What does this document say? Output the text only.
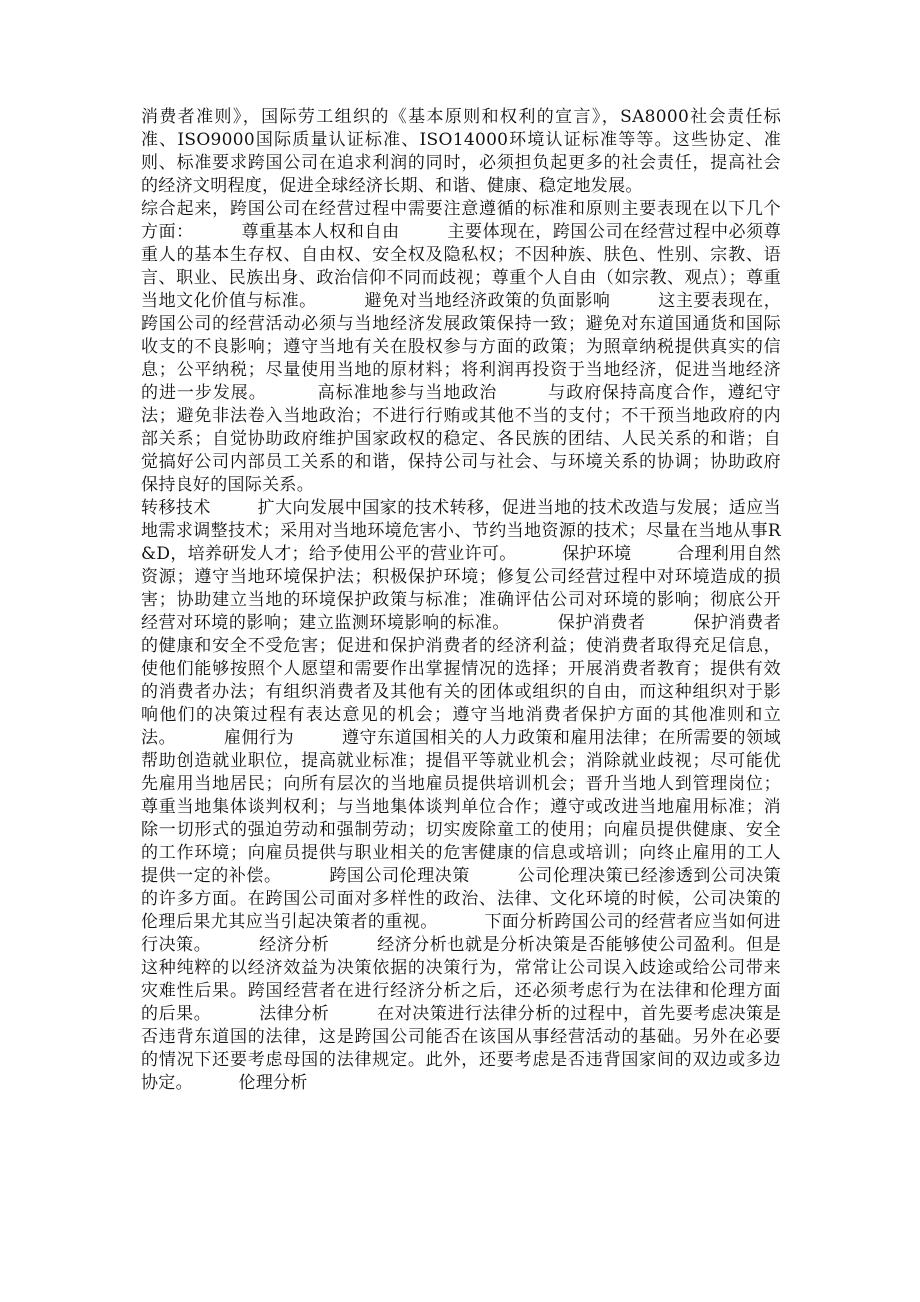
消费者准则》，国际劳工组织的《基本原则和权利的宣言》，SA8000社会责任标准、ISO9000国际质量认证标准、ISO14000环境认证标准等等。这些协定、准则、标准要求跨国公司在追求利润的同时，必须担负起更多的社会责任，提高社会的经济文明程度，促进全球经济长期、和谐、健康、稳定地发展。

综合起来，跨国公司在经营过程中需要注意遵循的标准和原则主要表现在以下几个方面：        尊重基本人权和自由        主要体现在，跨国公司在经营过程中必须尊重人的基本生存权、自由权、安全权及隐私权；不因种族、肤色、性别、宗教、语言、职业、民族出身、政治信仰不同而歧视；尊重个人自由（如宗教、观点）；尊重当地文化价值与标准。        避免对当地经济政策的负面影响        这主要表现在，跨国公司的经营活动必须与当地经济发展政策保持一致；避免对东道国通货和国际收支的不良影响；遵守当地有关在股权参与方面的政策；为照章纳税提供真实的信息；公平纳税；尽量使用当地的原材料；将利润再投资于当地经济，促进当地经济的进一步发展。        高标准地参与当地政治        与政府保持高度合作，遵纪守法；避免非法卷入当地政治；不进行行贿或其他不当的支付；不干预当地政府的内部关系；自觉协助政府维护国家政权的稳定、各民族的团结、人民关系的和谐；自觉搞好公司内部员工关系的和谐，保持公司与社会、与环境关系的协调；协助政府保持良好的国际关系。

转移技术        扩大向发展中国家的技术转移，促进当地的技术改造与发展；适应当地需求调整技术；采用对当地环境危害小、节约当地资源的技术；尽量在当地从事R&D，培养研发人才；给予使用公平的营业许可。        保护环境        合理利用自然资源；遵守当地环境保护法；积极保护环境；修复公司经营过程中对环境造成的损害；协助建立当地的环境保护政策与标准；准确评估公司对环境的影响；彻底公开经营对环境的影响；建立监测环境影响的标准。        保护消费者        保护消费者的健康和安全不受危害；促进和保护消费者的经济利益；使消费者取得充足信息，使他们能够按照个人愿望和需要作出掌握情况的选择；开展消费者教育；提供有效的消费者办法；有组织消费者及其他有关的团体或组织的自由，而这种组织对于影响他们的决策过程有表达意见的机会；遵守当地消费者保护方面的其他准则和立法。        雇佣行为        遵守东道国相关的人力政策和雇用法律；在所需要的领域帮助创造就业职位，提高就业标准；提倡平等就业机会；消除就业歧视；尽可能优先雇用当地居民；向所有层次的当地雇员提供培训机会；晋升当地人到管理岗位；尊重当地集体谈判权利；与当地集体谈判单位合作；遵守或改进当地雇用标准；消除一切形式的强迫劳动和强制劳动；切实废除童工的使用；向雇员提供健康、安全的工作环境；向雇员提供与职业相关的危害健康的信息或培训；向终止雇用的工人提供一定的补偿。        跨国公司伦理决策        公司伦理决策已经渗透到公司决策的许多方面。在跨国公司面对多样性的政治、法律、文化环境的时候，公司决策的伦理后果尤其应当引起决策者的重视。        下面分析跨国公司的经营者应当如何进行决策。        经济分析        经济分析也就是分析决策是否能够使公司盈利。但是这种纯粹的以经济效益为决策依据的决策行为，常常让公司误入歧途或给公司带来灾难性后果。跨国经营者在进行经济分析之后，还必须考虑行为在法律和伦理方面的后果。        法律分析        在对决策进行法律分析的过程中，首先要考虑决策是否违背东道国的法律，这是跨国公司能否在该国从事经营活动的基础。另外在必要的情况下还要考虑母国的法律规定。此外，还要考虑是否违背国家间的双边或多边协定。        伦理分析
